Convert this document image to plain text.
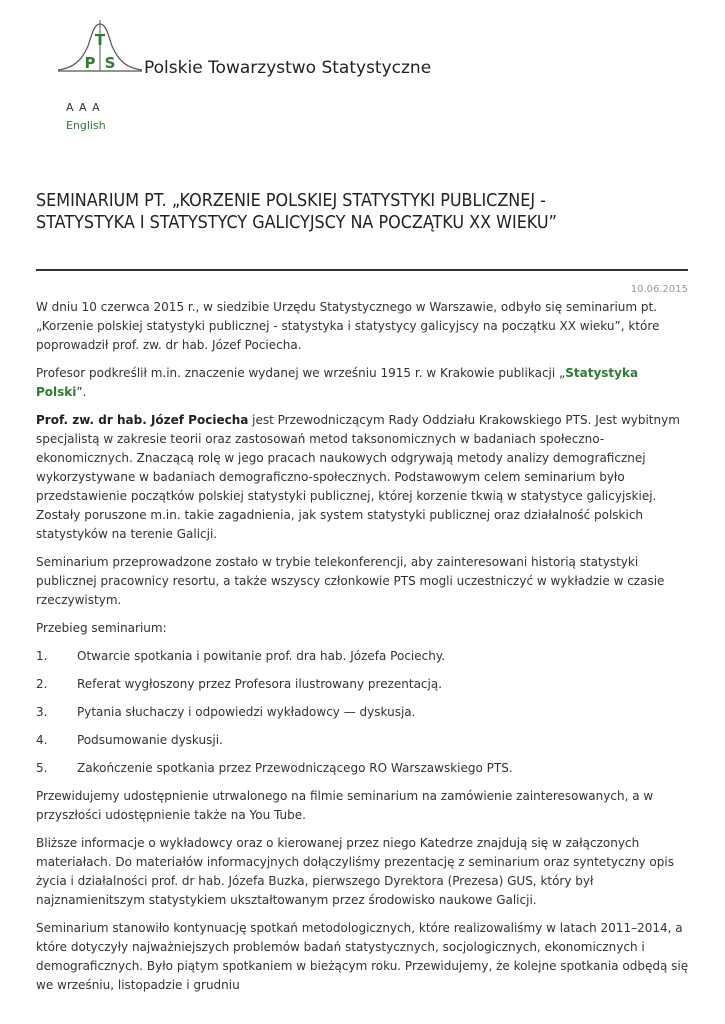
T
P S Polskie Towarzystwo Statystyczne
A A A
English
SEMINARIUM PT. „KORZENIE POLSKIEJ STATYSTYKI PUBLICZNEJ -
STATYSTYKA I STATYSTYCY GALICYJSCY NA POCZĄTKU XX WIEKU”
10.06.2015

W dniu 10 czerwca 2015 r., w siedzibie Urzędu Statystycznego w Warszawie, odbyło się seminarium pt. „Korzenie polskiej statystyki publicznej - statystyka i statystycy galicyjscy na początku XX wieku”, które poprowadził prof. zw. dr hab. Józef Pociecha.

Profesor podkreślił m.in. znaczenie wydanej we wrześniu 1915 r. w Krakowie publikacji „Statystyka Polski”.

Prof. zw. dr hab. Józef Pociecha jest Przewodniczącym Rady Oddziału Krakowskiego PTS. Jest wybitnym specjalistą w zakresie teorii oraz zastosowań metod taksonomicznych w badaniach społeczno-ekonomicznych. Znaczącą rolę w jego pracach naukowych odgrywają metody analizy demograficznej wykorzystywane w badaniach demograficzno-społecznych. Podstawowym celem seminarium było przedstawienie początków polskiej statystyki publicznej, której korzenie tkwią w statystyce galicyjskiej. Zostały poruszone m.in. takie zagadnienia, jak system statystyki publicznej oraz działalność polskich statystyków na terenie Galicji.

Seminarium przeprowadzone zostało w trybie telekonferencji, aby zainteresowani historią statystyki publicznej pracownicy resortu, a także wszyscy członkowie PTS mogli uczestniczyć w wykładzie w czasie rzeczywistym.

Przebieg seminarium:

1.	Otwarcie spotkania i powitanie prof. dra hab. Józefa Pociechy.
2.	Referat wygłoszony przez Profesora ilustrowany prezentacją.
3.	Pytania słuchaczy i odpowiedzi wykładowcy — dyskusja.
4.	Podsumowanie dyskusji.
5.	Zakończenie spotkania przez Przewodniczącego RO Warszawskiego PTS.

Przewidujemy udostępnienie utrwalonego na filmie seminarium na zamówienie zainteresowanych, a w przyszłości udostępnienie także na You Tube.

Bliższe informacje o wykładowcy oraz o kierowanej przez niego Katedrze znajdują się w załączonych materiałach. Do materiałów informacyjnych dołączyliśmy prezentację z seminarium oraz syntetyczny opis życia i działalności prof. dr hab. Józefa Buzka, pierwszego Dyrektora (Prezesa) GUS, który był najznamienitszym statystykiem ukształtowanym przez środowisko naukowe Galicji.

Seminarium stanowiło kontynuację spotkań metodologicznych, które realizowaliśmy w latach 2011–2014, a które dotyczyły najważniejszych problemów badań statystycznych, socjologicznych, ekonomicznych i demograficznych. Było piątym spotkaniem w bieżącym roku. Przewidujemy, że kolejne spotkania odbędą się we wrześniu, listopadzie i grudniu
